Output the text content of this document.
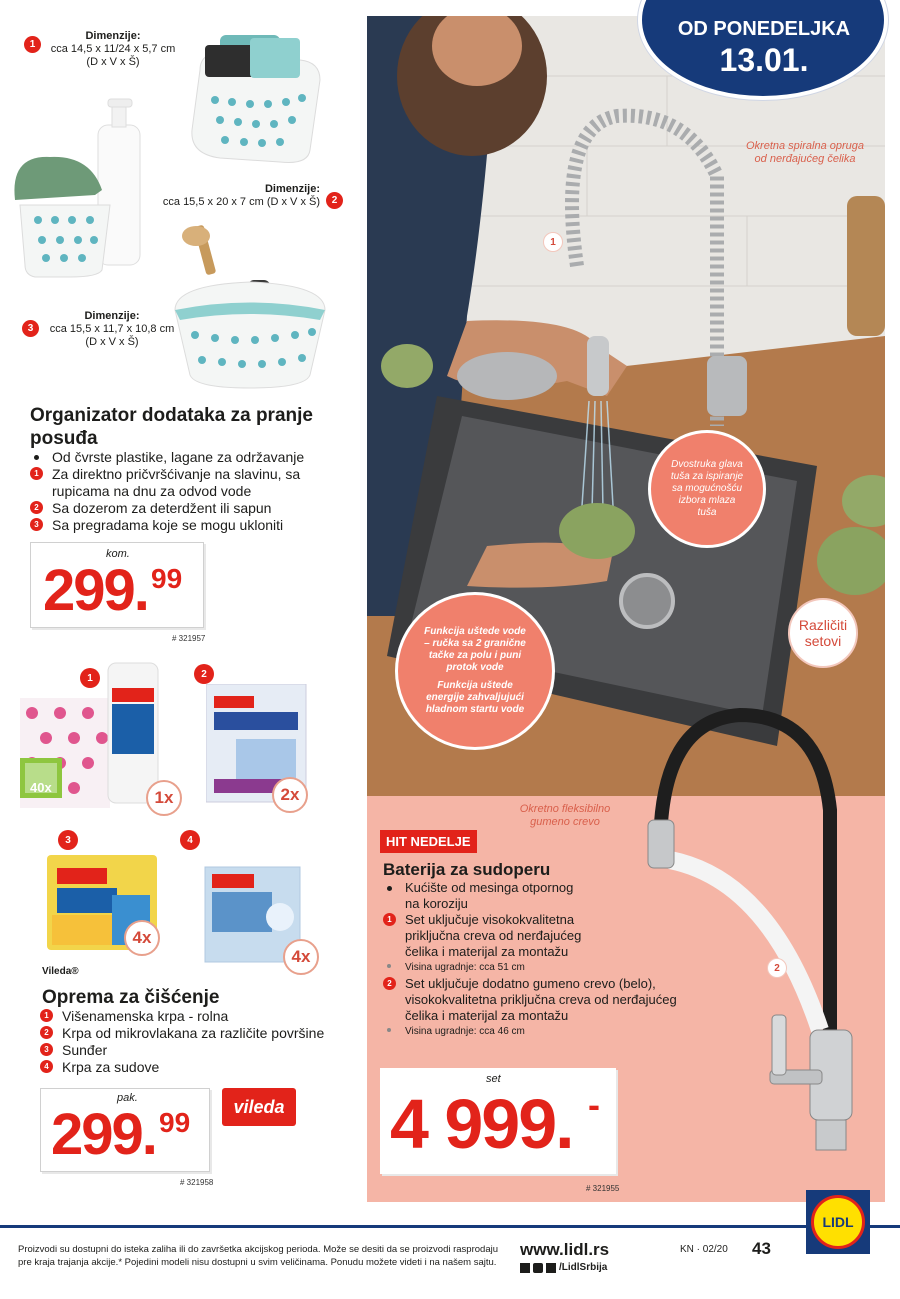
1
Dimenzije:
cca 14,5 x 11/24 x 5,7 cm
(D x V x Š)
Dimenzije:
cca 15,5 x 20 x 7 cm (D x V x Š)	2
3
Dimenzije:
cca 15,5 x 11,7 x 10,8 cm
(D x V x Š)
Organizator dodataka za pranje
posuđa
Od čvrste plastike, lagane za održavanje
1 Za direktno pričvršćivanje na slavinu, sa
rupicama na dnu za odvod vode
2 Sa dozerom za deterdžent ili sapun
3 Sa pregradama koje se mogu ukloniti
kom.
299. 99
# 321957
1
40x
1x
2
2x
3
4x
4
4x
Vileda®
Oprema za čišćenje
1 Višenamenska krpa - rolna
2 Krpa od mikrovlakana za različite površine
3 Sunđer
4 Krpa za sudove
pak.
299. 99
vileda
# 321958
OD PONEDELJKA
13.01.
Okretna spiralna opruga
od nerđajućeg čelika
1
Dvostruka glava
tuša za ispiranje
sa mogućnošću
izbora mlaza
tuša
Funkcija uštede vode
– ručka sa 2 granične
tačke za polu i puni
protok vode
Funkcija uštede
energije zahvaljujući
hladnom startu vode
Različiti
setovi
Okretno fleksibilno
gumeno crevo
2
HIT NEDELJE
Baterija za sudoperu
Kućište od mesinga otpornog
na koroziju
1	Set uključuje visokokvalitetna
priključna creva od nerđajućeg
čelika i materijal za montažu
Visina ugradnje: cca 51 cm
2	Set uključuje dodatno gumeno crevo (belo),
visokokvalitetna priključna creva od nerđajućeg
čelika i materijal za montažu
Visina ugradnje: cca 46 cm
set
4 999. -
# 321955
Proizvodi su dostupni do isteka zaliha ili do završetka akcijskog perioda. Može se desiti da se proizvodi rasprodaju
pre kraja trajanja akcije.* Pojedini modeli nisu dostupni u svim veličinama. Ponudu možete videti i na našem sajtu.
www.lidl.rs
/LidlSrbija
KN · 02/20 43
LIDL
